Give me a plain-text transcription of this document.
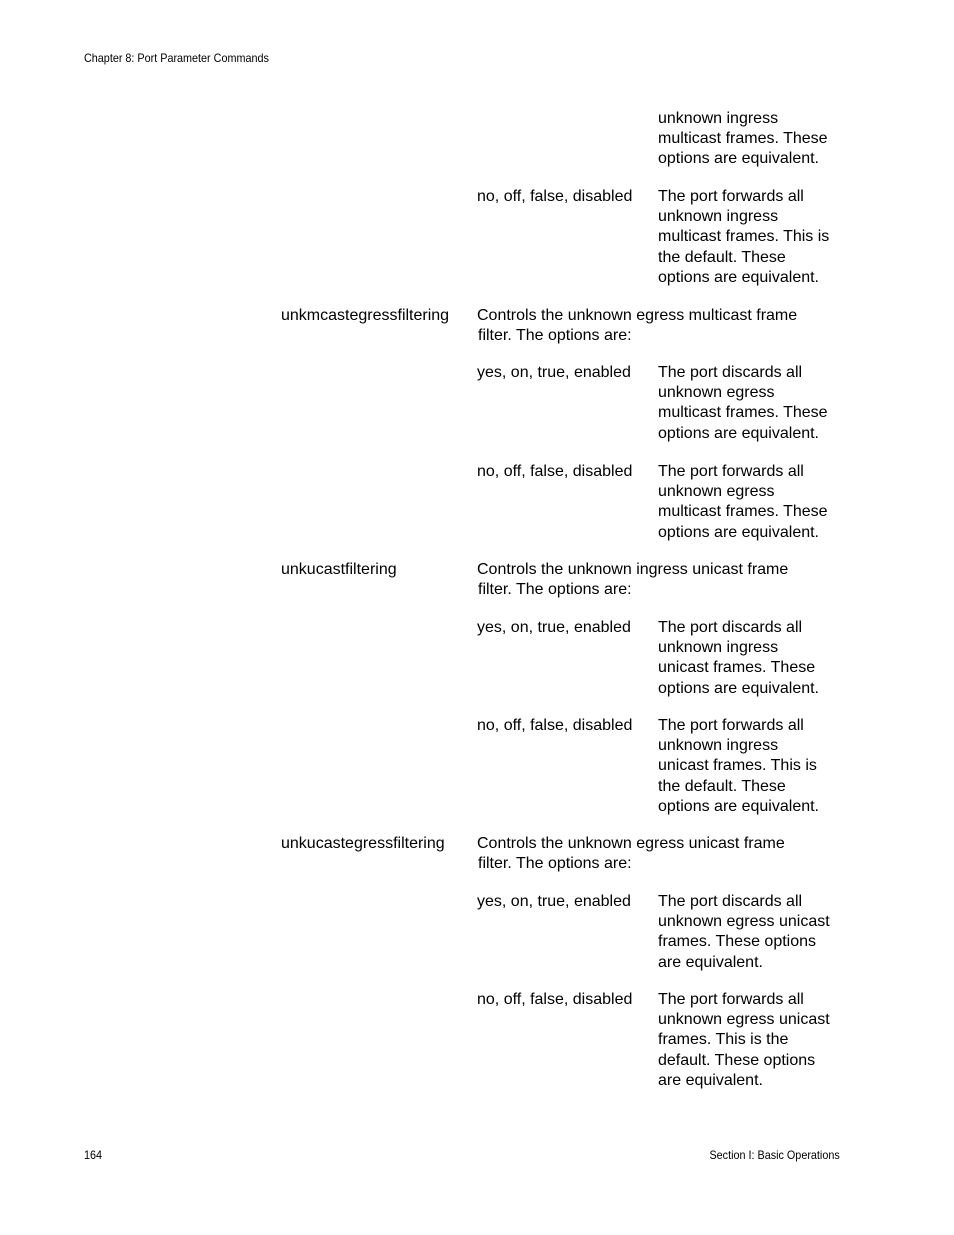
Chapter 8: Port Parameter Commands
unknown ingress
multicast frames. These
options are equivalent.
no, off, false, disabled The port forwards all
unknown ingress
multicast frames. This is
the default. These
options are equivalent.
unkmcastegressfiltering Controls the unknown egress multicast frame
filter. The options are:
yes, on, true, enabled The port discards all
unknown egress
multicast frames. These
options are equivalent.
no, off, false, disabled The port forwards all
unknown egress
multicast frames. These
options are equivalent.
unkucastfiltering	Controls the unknown ingress unicast frame
filter. The options are:
yes, on, true, enabled The port discards all
unknown ingress
unicast frames. These
options are equivalent.
no, off, false, disabled The port forwards all
unknown ingress
unicast frames. This is
the default. These
options are equivalent.
unkucastegressfiltering Controls the unknown egress unicast frame
filter. The options are:
yes, on, true, enabled The port discards all
unknown egress unicast
frames. These options
are equivalent.
no, off, false, disabled The port forwards all
unknown egress unicast
frames. This is the
default. These options
are equivalent.
164	Section I: Basic Operations
